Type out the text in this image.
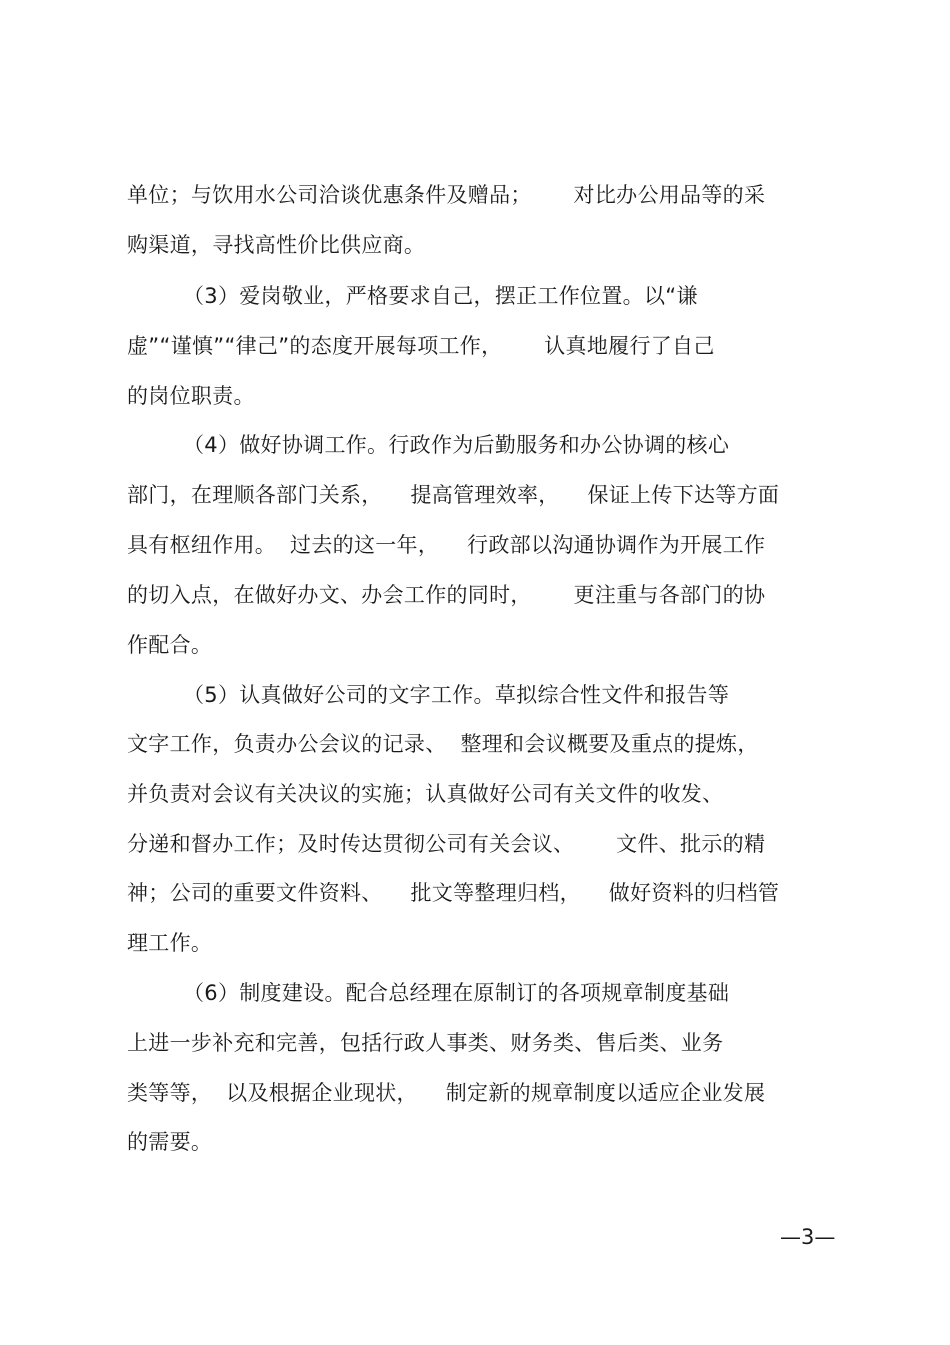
单位；与饮用水公司洽谈优惠条件及赠品；      对比办公用品等的采
购渠道，寻找高性价比供应商。
（3）爱岗敬业，严格要求自己，摆正工作位置。以“谦
虚”“谨慎”“律己”的态度开展每项工作，      认真地履行了自己
的岗位职责。
（4）做好协调工作。行政作为后勤服务和办公协调的核心
部门，在理顺各部门关系，    提高管理效率，    保证上传下达等方面
具有枢纽作用。  过去的这一年，    行政部以沟通协调作为开展工作
的切入点，在做好办文、办会工作的同时，      更注重与各部门的协
作配合。
（5）认真做好公司的文字工作。草拟综合性文件和报告等
文字工作，负责办公会议的记录、  整理和会议概要及重点的提炼，
并负责对会议有关决议的实施；认真做好公司有关文件的收发、
分递和督办工作；及时传达贯彻公司有关会议、      文件、批示的精
神；公司的重要文件资料、    批文等整理归档，    做好资料的归档管
理工作。
（6）制度建设。配合总经理在原制订的各项规章制度基础
上进一步补充和完善，包括行政人事类、财务类、售后类、业务
类等等，  以及根据企业现状，    制定新的规章制度以适应企业发展
的需要。
—3—
